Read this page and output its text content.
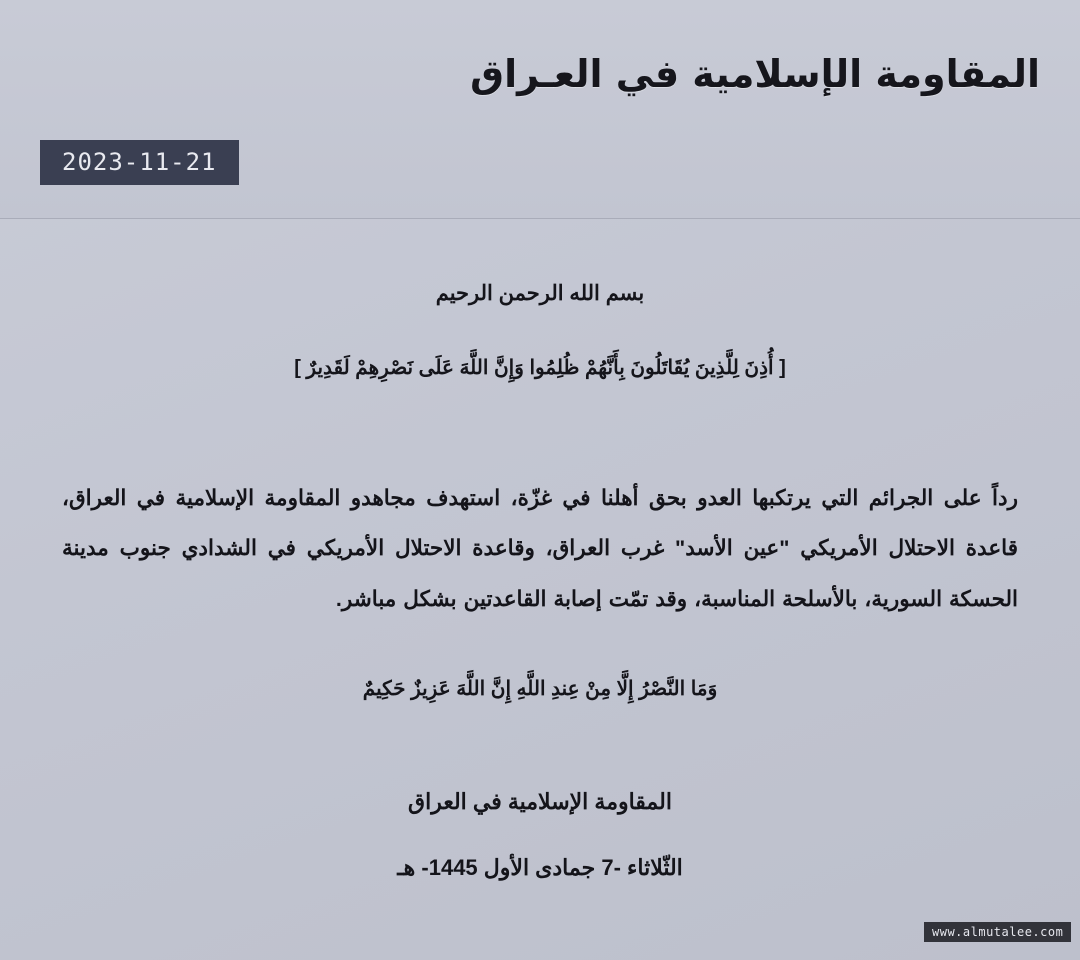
المقاومة الإسلامية في العـراق
2023-11-21

بسم الله الرحمن الرحيم

[ أُذِنَ لِلَّذِينَ يُقَاتَلُونَ بِأَنَّهُمْ ظُلِمُوا وَإِنَّ اللَّهَ عَلَى نَصْرِهِمْ لَقَدِيرٌ ]

رداً على الجرائم التي يرتكبها العدو بحق أهلنا في غزّة، استهدف مجاهدو المقاومة الإسلامية في العراق، قاعدة الاحتلال الأمريكي "عين الأسد" غرب العراق، وقاعدة الاحتلال الأمريكي في الشدادي جنوب مدينة الحسكة السورية، بالأسلحة المناسبة، وقد تمّت إصابة القاعدتين بشكل مباشر.

وَمَا النَّصْرُ إِلَّا مِنْ عِندِ اللَّهِ إِنَّ اللَّهَ عَزِيزٌ حَكِيمٌ

المقاومة الإسلامية في العراق

الثّلاثاء -7 جمادى الأول 1445- هـ

www.almutalee.com
